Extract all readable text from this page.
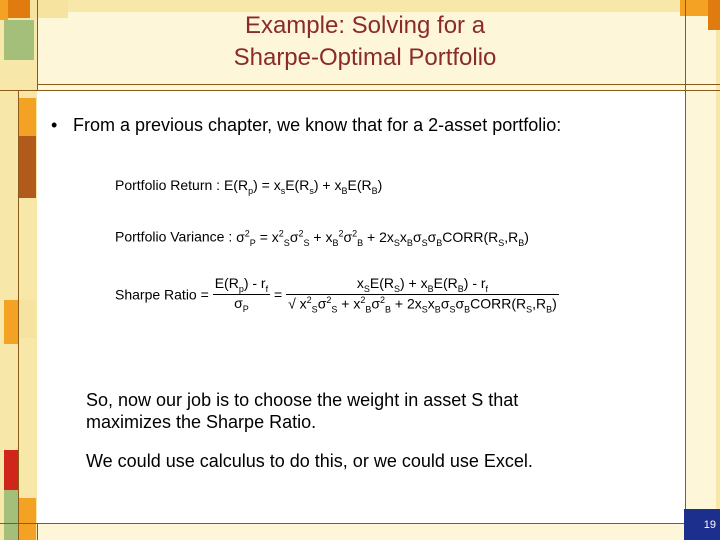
Example: Solving for a
Sharpe-Optimal Portfolio
• From a previous chapter, we know that for a 2-asset portfolio:
Portfolio Return : $E(R_p) = x_sE(R_s) + x_BE(R_B)$
Portfolio Variance : $\sigma^2_P = x^2_S\sigma^2_S + x_B^2\sigma^2_B$ + $2x_Sx_B\sigma_S\sigma_BCORR(R_S,R_B)$
Sharpe Ratio = $\frac{E(R_p) - r_f}{\sigma_P} = \frac{x_SE(R_S) + x_BE(R_B) - r_f}{√ x^2_S\sigma^2_S + x^2_B\sigma^2_B + 2x_Sx_B\sigma_S\sigma_BCORR(R_S,R_B)}$
So, now our job is to choose the weight in asset S that
maximizes the Sharpe Ratio.
We could use calculus to do this, or we could use Excel.
19
